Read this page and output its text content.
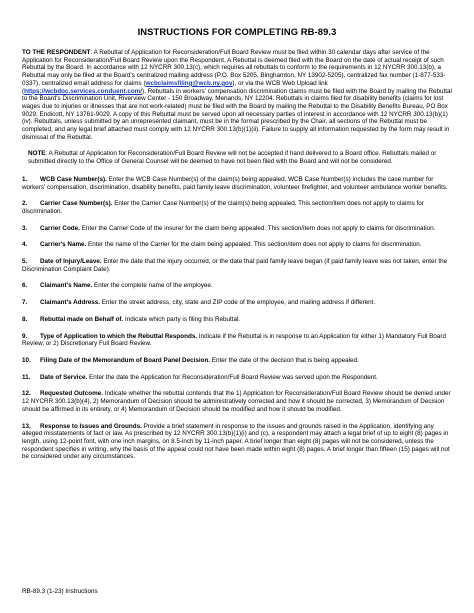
INSTRUCTIONS FOR COMPLETING RB-89.3

TO THE RESPONDENT: A Rebuttal of Application for Reconsideration/Full Board Review must be filed within 30 calendar days after service of the Application for Reconsideration/Full Board Review upon the Respondent. A Rebuttal is deemed filed with the Board on the date of actual receipt of such Rebuttal by the Board. In accordance with 12 NYCRR 300.13(c), which requires all rebuttals to conform to the requirements in 12 NYCRR 300.13(b), a Rebuttal may only be filed at the Board's centralized mailing address (P.O. Box 5205, Binghamton, NY 13902-5205), centralized fax number (1-877-533-0337), centralized email address for claims (wcbclaimsfiling@wcb.ny.gov), or via the WCB Web Upload link (https://wcbdoc.services.conduent.com/). Rebuttals in workers' compensation discrimination claims must be filed with the Board by mailing the Rebuttal to the Board's Discrimination Unit, Riverview Center - 150 Broadway, Menands, NY 12204. Rebuttals in claims filed for disability benefits (claims for lost wages due to injuries or illnesses that are not work-related) must be filed with the Board by mailing the Rebuttal to the Disability Benefits Bureau, PO Box 9029, Endicott, NY 13761-9029. A copy of this Rebuttal must be served upon all necessary parties of interest in accordance with 12 NYCRR 300.13(b)(1)(iv). Rebuttals, unless submitted by an unrepresented claimant, must be in the format prescribed by the Chair, all sections of the Rebuttal must be completed, and any legal brief attached must comply with 12 NYCRR 300.13(b)(1)(ii). Failure to supply all information requested by the form may result in dismissal of the Rebuttal.

NOTE: A Rebuttal of Application for Reconsideration/Full Board Review will not be accepted if hand delivered to a Board office. Rebuttals mailed or submitted directly to the Office of General Counsel will be deemed to have not been filed with the Board and will not be considered.

1. WCB Case Number(s). Enter the WCB Case Number(s) of the claim(s) being appealed. WCB Case Number(s) includes the case number for workers' compensation, discrimination, disability benefits, paid family leave discrimination, volunteer firefighter, and volunteer ambulance worker benefits.

2. Carrier Case Number(s). Enter the Carrier Case Number(s) of the claim(s) being appealed. This section/item does not apply to claims for discrimination.

3. Carrier Code. Enter the Carrier Code of the insurer for the claim being appealed. This section/item does not apply to claims for discrimination.

4. Carrier's Name. Enter the name of the Carrier for the claim being appealed. This section/item does not apply to claims for discrimination.

5. Date of Injury/Leave. Enter the date that the injury occurred, or the date that paid family leave began (if paid family leave was not taken, enter the Discrimination Complaint Date).

6. Claimant's Name. Enter the complete name of the employee.

7. Claimant's Address. Enter the street address, city, state and ZIP code of the employee, and mailing address if different.

8. Rebuttal made on Behalf of. Indicate which party is filing this Rebuttal.

9. Type of Application to which the Rebuttal Responds. Indicate if the Rebuttal is in response to an Application for either 1) Mandatory Full Board Review, or 2) Discretionary Full Board Review.

10. Filing Date of the Memorandum of Board Panel Decision. Enter the date of the decision that is being appealed.

11. Date of Service. Enter the date the Application for Reconsideration/Full Board Review was served upon the Respondent.

12. Requested Outcome. Indicate whether the rebuttal contends that the 1) Application for Reconsideration/Full Board Review should be denied under 12 NYCRR 300.13(b)(4), 2) Memorandum of Decision should be administratively corrected and how it should be corrected, 3) Memorandum of Decision should be affirmed in its entirety, or 4) Memorandum of Decision should be modified and how it should be modified.

13. Response to Issues and Grounds. Provide a brief statement in response to the issues and grounds raised in the Application, identifying any alleged misstatements of fact or law. As prescribed by 12 NYCRR 300.13(b)(1)(i) and (c), a respondent may attach a legal brief of up to eight (8) pages in length, using 12-point font, with one inch margins, on 8.5-inch by 11-inch paper. A brief longer than eight (8) pages will not be considered, unless the respondent specifies in writing, why the basis of the appeal could not have been made within eight (8) pages. A brief longer than fifteen (15) pages will not be considered under any circumstances.

RB-89.3 (1-23) Instructions
